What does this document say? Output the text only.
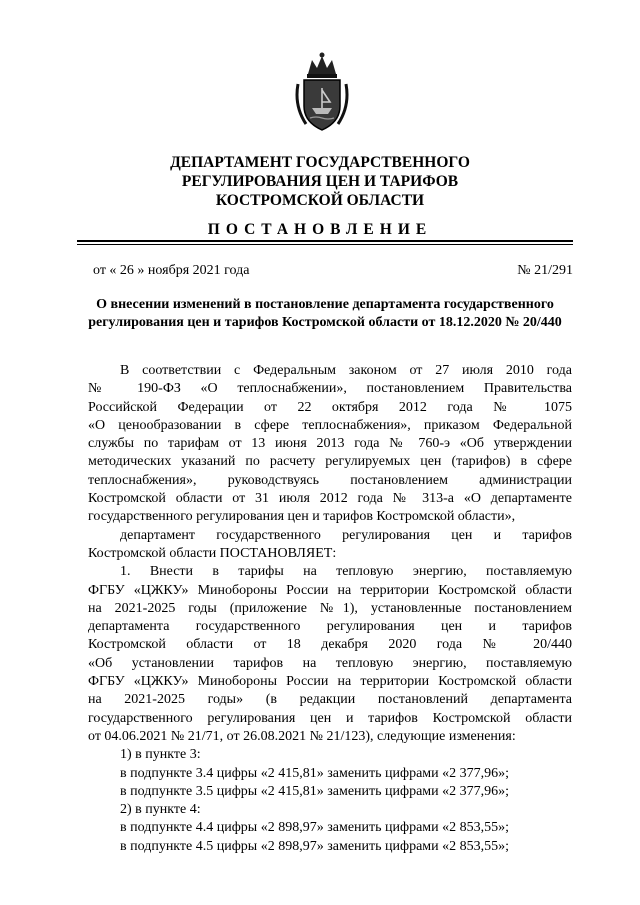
ДЕПАРТАМЕНТ ГОСУДАРСТВЕННОГО
РЕГУЛИРОВАНИЯ ЦЕН И ТАРИФОВ
КОСТРОМСКОЙ ОБЛАСТИ
ПОСТАНОВЛЕНИЕ
от « 26 » ноября 2021 года	№ 21/291
О внесении изменений в постановление департамента государственного
регулирования цен и тарифов Костромской области от 18.12.2020 № 20/440
В соответствии с Федеральным законом от 27 июля 2010 года
№ 190-ФЗ «О теплоснабжении», постановлением Правительства
Российской Федерации от 22 октября 2012 года № 1075
«О ценообразовании в сфере теплоснабжения», приказом Федеральной
службы по тарифам от 13 июня 2013 года № 760-э «Об утверждении
методических указаний по расчету регулируемых цен (тарифов) в сфере
теплоснабжения», руководствуясь постановлением администрации
Костромской области от 31 июля 2012 года № 313-а «О департаменте
государственного регулирования цен и тарифов Костромской области»,
департамент государственного регулирования цен и тарифов
Костромской области ПОСТАНОВЛЯЕТ:
1. Внести в тарифы на тепловую энергию, поставляемую
ФГБУ «ЦЖКУ» Минобороны России на территории Костромской области
на 2021-2025 годы (приложение №1), установленные постановлением
департамента государственного регулирования цен и тарифов
Костромской области от 18 декабря 2020 года № 20/440
«Об установлении тарифов на тепловую энергию, поставляемую
ФГБУ «ЦЖКУ» Минобороны России на территории Костромской области
на 2021-2025 годы» (в редакции постановлений департамента
государственного регулирования цен и тарифов Костромской области
от 04.06.2021 № 21/71, от 26.08.2021 № 21/123), следующие изменения:
1) в пункте 3:
в подпункте 3.4 цифры «2 415,81» заменить цифрами «2 377,96»;
в подпункте 3.5 цифры «2 415,81» заменить цифрами «2 377,96»;
2) в пункте 4:
в подпункте 4.4 цифры «2 898,97» заменить цифрами «2 853,55»;
в подпункте 4.5 цифры «2 898,97» заменить цифрами «2 853,55»;
